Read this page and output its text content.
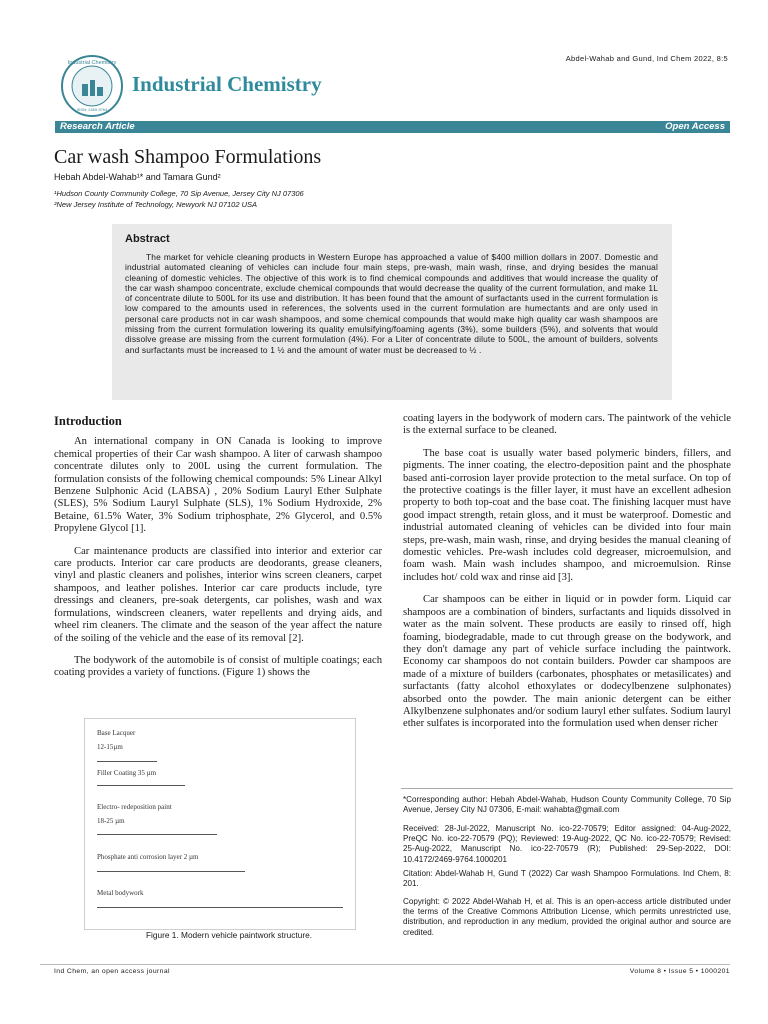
Abdel-Wahab and Gund, Ind Chem 2022, 8:5
Industrial Chemistry
ISSN: 2469-9764
Industrial Chemistry
Research Article	Open Access
Car wash Shampoo Formulations
Hebah Abdel-Wahab¹* and Tamara Gund²
¹Hudson County Community College, 70 Sip Avenue, Jersey City NJ 07306
²New Jersey Institute of Technology, Newyork NJ 07102 USA
Abstract
The market for vehicle cleaning products in Western Europe has approached a value of $400 million dollars in 2007. Domestic and industrial automated cleaning of vehicles can include four main steps, pre-wash, main wash, rinse, and drying besides the manual cleaning of domestic vehicles. The objective of this work is to find chemical compounds and additives that would increase the quality of the car wash shampoo concentrate, exclude chemical compounds that would decrease the quality of the current formulation, and make 1L of concentrate dilute to 500L for its use and distribution. It has been found that the amount of surfactants used in the current formulation is low compared to the amounts used in references, the solvents used in the current formulation are humectants and are only used in personal care products not in car wash shampoos, and some chemical compounds that would make high quality car wash shampoos are missing from the current formulation lowering its quality emulsifying/foaming agents (3%), some builders (5%), and solvents that would dissolve grease are missing from the current formulation (4%). For a Liter of concentrate dilute to 500L, the amount of builders, solvents and surfactants must be increased to 1 ½ and the amount of water must be decreased to ½ .
Introduction

An international company in ON Canada is looking to improve chemical properties of their Car wash shampoo. A liter of carwash shampoo concentrate dilutes only to 200L using the current formulation. The formulation consists of the following chemical compounds: 5% Linear Alkyl Benzene Sulphonic Acid (LABSA) , 20% Sodium Lauryl Ether Sulphate (SLES), 5% Sodium Lauryl Sulphate (SLS), 1% Sodium Hydroxide, 2% Betaine, 61.5% Water, 3% Sodium triphosphate, 2% Glycerol, and 0.5% Propylene Glycol [1].

Car maintenance products are classified into interior and exterior car care products. Interior car care products are deodorants, grease cleaners, vinyl and plastic cleaners and polishes, interior wins screen cleaners, carpet shampoos, and leather polishes. Interior car care products include, tyre dressings and cleaners, pre-soak detergents, car polishes, wash and wax formulations, windscreen cleaners, water repellents and drying aids, and wheel rim cleaners. The climate and the season of the year affect the nature of the soiling of the vehicle and the ease of its removal [2].

The bodywork of the automobile is of consist of multiple coatings; each coating provides a variety of functions. (Figure 1) shows the

Base Lacquer
12-15µm
Filler Coating 35 µm
Electro- redeposition paint
18-25 µm
Phosphate anti corrosion layer 2 µm
Metal bodywork
Figure 1. Modern vehicle paintwork structure.

coating layers in the bodywork of modern cars. The paintwork of the vehicle is the external surface to be cleaned.

The base coat is usually water based polymeric binders, fillers, and pigments. The inner coating, the electro-deposition paint and the phosphate based anti-corrosion layer provide protection to the metal surface. On top of the protective coatings is the filler layer, it must have an excellent adhesion property to both top-coat and the base coat. The finishing lacquer must have good impact strength, retain gloss, and it must be waterproof. Domestic and industrial automated cleaning of vehicles can be divided into four main steps, pre-wash, main wash, rinse, and drying besides the manual cleaning of domestic vehicles. Pre-wash includes cold degreaser, microemulsion, and foam wash. Main wash includes shampoo, and microemulsion. Rinse includes hot/ cold wax and rinse aid [3].

Car shampoos can be either in liquid or in powder form. Liquid car shampoos are a combination of binders, surfactants and liquids dissolved in water as the main solvent. These products are easily to rinsed off, high foaming, biodegradable, made to cut through grease on the bodywork, and they don't damage any part of vehicle surface including the paintwork. Economy car shampoos do not contain builders. Powder car shampoos are made of a mixture of builders (carbonates, phosphates or metasilicates) and surfactants (fatty alcohol ethoxylates or dodecylbenzene sulphonates) absorbed onto the powder. The main anionic detergent can be either Alkylbenzene sulphonates and/or sodium lauryl ether sulfates. Sodium lauryl ether sulfates is incorporated into the formulation used when denser richer

*Corresponding author: Hebah Abdel-Wahab, Hudson County Community College, 70 Sip Avenue, Jersey City NJ 07306, E-mail: wahabta@gmail.com
Received: 28-Jul-2022, Manuscript No. ico-22-70579; Editor assigned: 04-Aug-2022, PreQC No. ico-22-70579 (PQ); Reviewed: 19-Aug-2022, QC No. ico-22-70579; Revised: 25-Aug-2022, Manuscript No. ico-22-70579 (R); Published: 29-Sep-2022, DOI: 10.4172/2469-9764.1000201
Citation: Abdel-Wahab H, Gund T (2022) Car wash Shampoo Formulations. Ind Chem, 8: 201.
Copyright: © 2022 Abdel-Wahab H, et al. This is an open-access article distributed under the terms of the Creative Commons Attribution License, which permits unrestricted use, distribution, and reproduction in any medium, provided the original author and source are credited.
Ind Chem, an open access journal	Volume 8 • Issue 5 • 1000201
